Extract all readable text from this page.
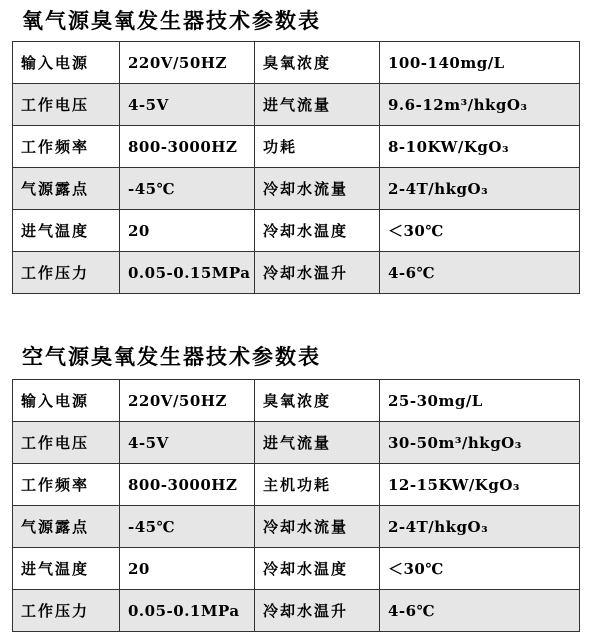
氧气源臭氧发生器技术参数表
输入电源	220V/50HZ	臭氧浓度	100-140mg/L
工作电压	4-5V	进气流量	9.6-12m³/hkgO₃
工作频率	800-3000HZ	功耗	8-10KW/KgO₃
气源露点	-45℃	冷却水流量	2-4T/hkgO₃
进气温度	20	冷却水温度	＜30℃
工作压力	0.05-0.15MPa	冷却水温升	4-6℃
空气源臭氧发生器技术参数表
输入电源	220V/50HZ	臭氧浓度	25-30mg/L
工作电压	4-5V	进气流量	30-50m³/hkgO₃
工作频率	800-3000HZ	主机功耗	12-15KW/KgO₃
气源露点	-45℃	冷却水流量	2-4T/hkgO₃
进气温度	20	冷却水温度	＜30℃
工作压力	0.05-0.1MPa	冷却水温升	4-6℃
